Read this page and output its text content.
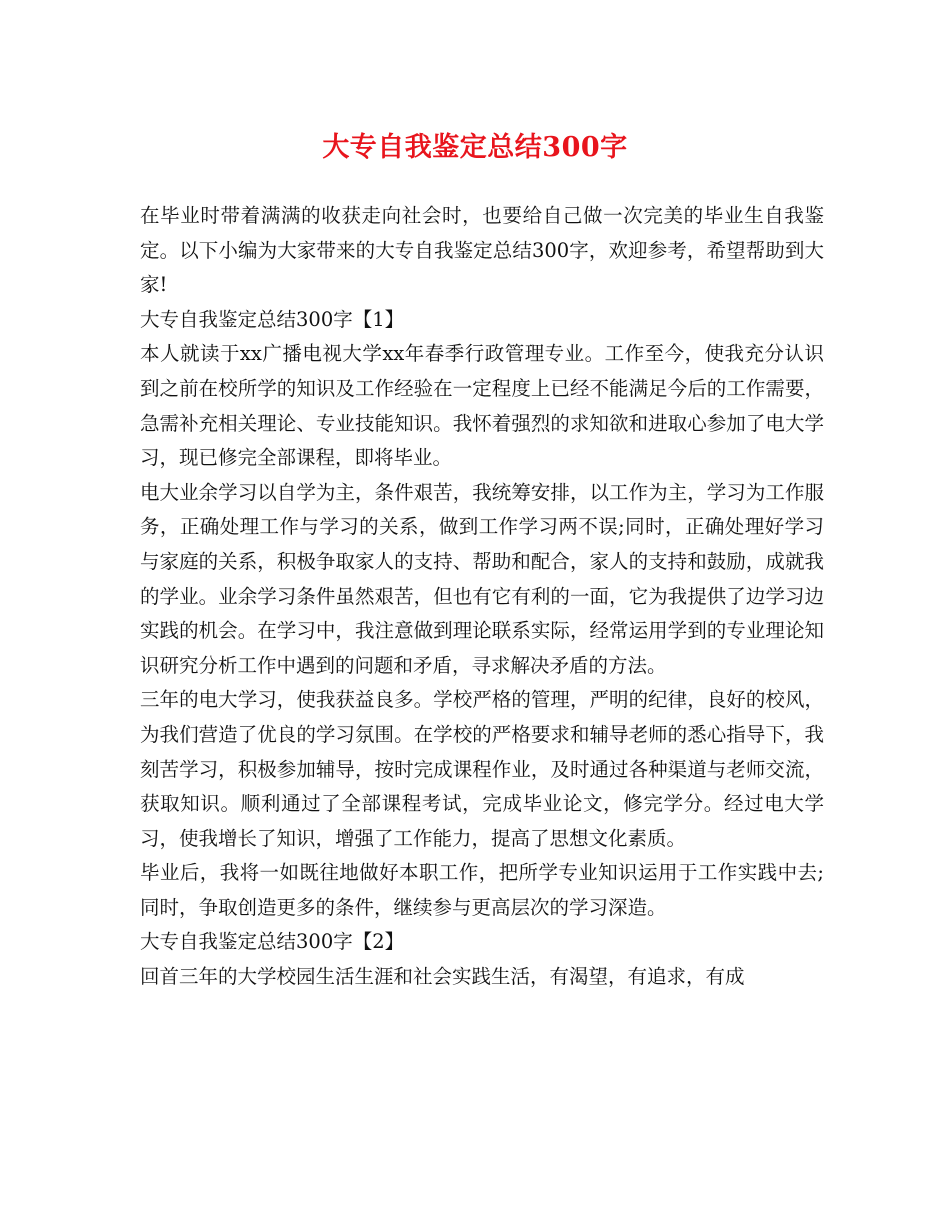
大专自我鉴定总结300字

在毕业时带着满满的收获走向社会时，也要给自己做一次完美的毕业生自我鉴定。以下小编为大家带来的大专自我鉴定总结300字，欢迎参考，希望帮助到大家!

大专自我鉴定总结300字【1】

本人就读于xx广播电视大学xx年春季行政管理专业。工作至今，使我充分认识到之前在校所学的知识及工作经验在一定程度上已经不能满足今后的工作需要，急需补充相关理论、专业技能知识。我怀着强烈的求知欲和进取心参加了电大学习，现已修完全部课程，即将毕业。

电大业余学习以自学为主，条件艰苦，我统筹安排，以工作为主，学习为工作服务，正确处理工作与学习的关系，做到工作学习两不误;同时，正确处理好学习与家庭的关系，积极争取家人的支持、帮助和配合，家人的支持和鼓励，成就我的学业。业余学习条件虽然艰苦，但也有它有利的一面，它为我提供了边学习边实践的机会。在学习中，我注意做到理论联系实际，经常运用学到的专业理论知识研究分析工作中遇到的问题和矛盾，寻求解决矛盾的方法。

三年的电大学习，使我获益良多。学校严格的管理，严明的纪律，良好的校风，为我们营造了优良的学习氛围。在学校的严格要求和辅导老师的悉心指导下，我刻苦学习，积极参加辅导，按时完成课程作业，及时通过各种渠道与老师交流，获取知识。顺利通过了全部课程考试，完成毕业论文，修完学分。经过电大学习，使我增长了知识，增强了工作能力，提高了思想文化素质。

毕业后，我将一如既往地做好本职工作，把所学专业知识运用于工作实践中去;同时，争取创造更多的条件，继续参与更高层次的学习深造。

大专自我鉴定总结300字【2】

回首三年的大学校园生活生涯和社会实践生活，有渴望，有追求，有成
